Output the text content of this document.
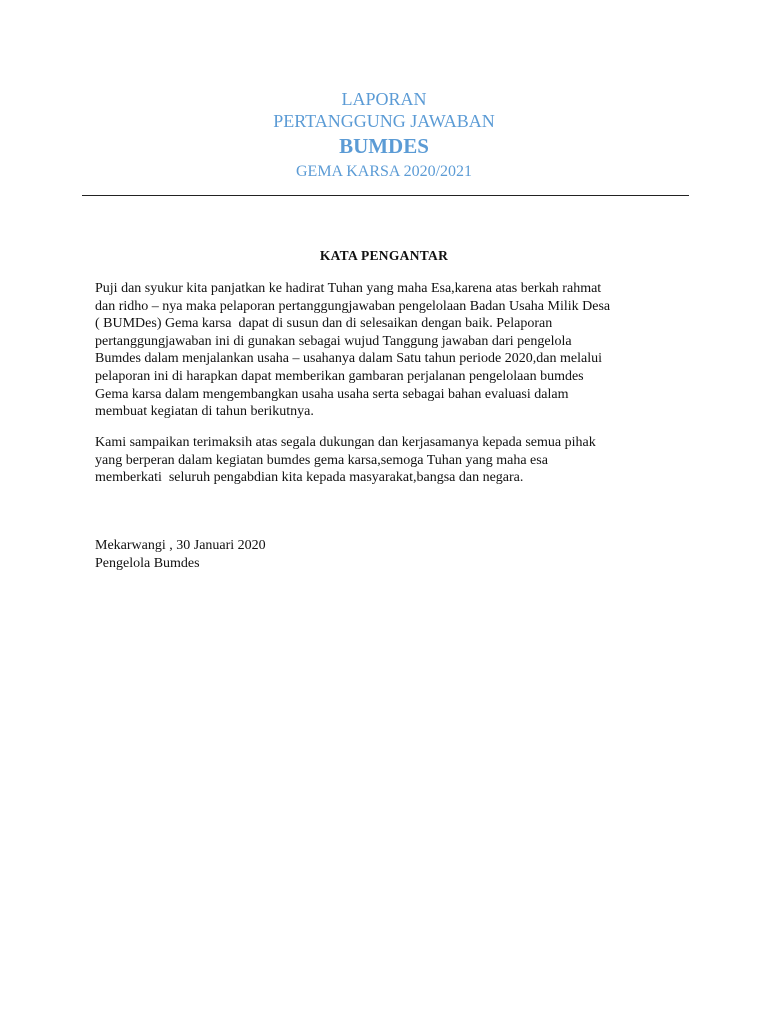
LAPORAN
PERTANGGUNG JAWABAN
BUMDES
GEMA KARSA 2020/2021
KATA PENGANTAR
Puji dan syukur kita panjatkan ke hadirat Tuhan yang maha Esa,karena atas berkah rahmat
dan ridho – nya maka pelaporan pertanggungjawaban pengelolaan Badan Usaha Milik Desa
( BUMDes) Gema karsa  dapat di susun dan di selesaikan dengan baik. Pelaporan
pertanggungjawaban ini di gunakan sebagai wujud Tanggung jawaban dari pengelola
Bumdes dalam menjalankan usaha – usahanya dalam Satu tahun periode 2020,dan melalui
pelaporan ini di harapkan dapat memberikan gambaran perjalanan pengelolaan bumdes
Gema karsa dalam mengembangkan usaha usaha serta sebagai bahan evaluasi dalam
membuat kegiatan di tahun berikutnya.
Kami sampaikan terimaksih atas segala dukungan dan kerjasamanya kepada semua pihak
yang berperan dalam kegiatan bumdes gema karsa,semoga Tuhan yang maha esa
memberkati  seluruh pengabdian kita kepada masyarakat,bangsa dan negara.
Mekarwangi , 30 Januari 2020
Pengelola Bumdes
